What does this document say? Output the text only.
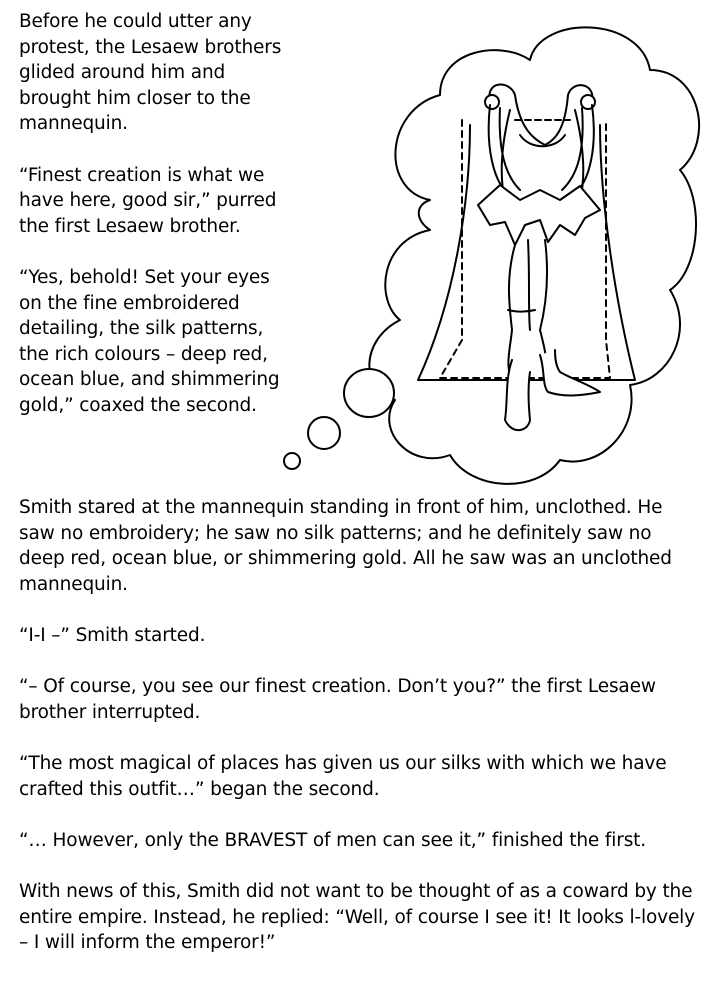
Before he could utter any protest, the Lesaew brothers glided around him and brought him closer to the mannequin.

“Finest creation is what we have here, good sir,” purred the first Lesaew brother.

“Yes, behold! Set your eyes on the fine embroidered detailing, the silk patterns, the rich colours – deep red, ocean blue, and shimmering gold,” coaxed the second.

Smith stared at the mannequin standing in front of him, unclothed. He saw no embroidery; he saw no silk patterns; and he definitely saw no deep red, ocean blue, or shimmering gold. All he saw was an unclothed mannequin.

“I-I –” Smith started.

“– Of course, you see our finest creation. Don’t you?” the first Lesaew brother interrupted.

“The most magical of places has given us our silks with which we have crafted this outfit…” began the second.

“… However, only the BRAVEST of men can see it,” finished the first.

With news of this, Smith did not want to be thought of as a coward by the entire empire. Instead, he replied: “Well, of course I see it! It looks l-lovely – I will inform the emperor!”
